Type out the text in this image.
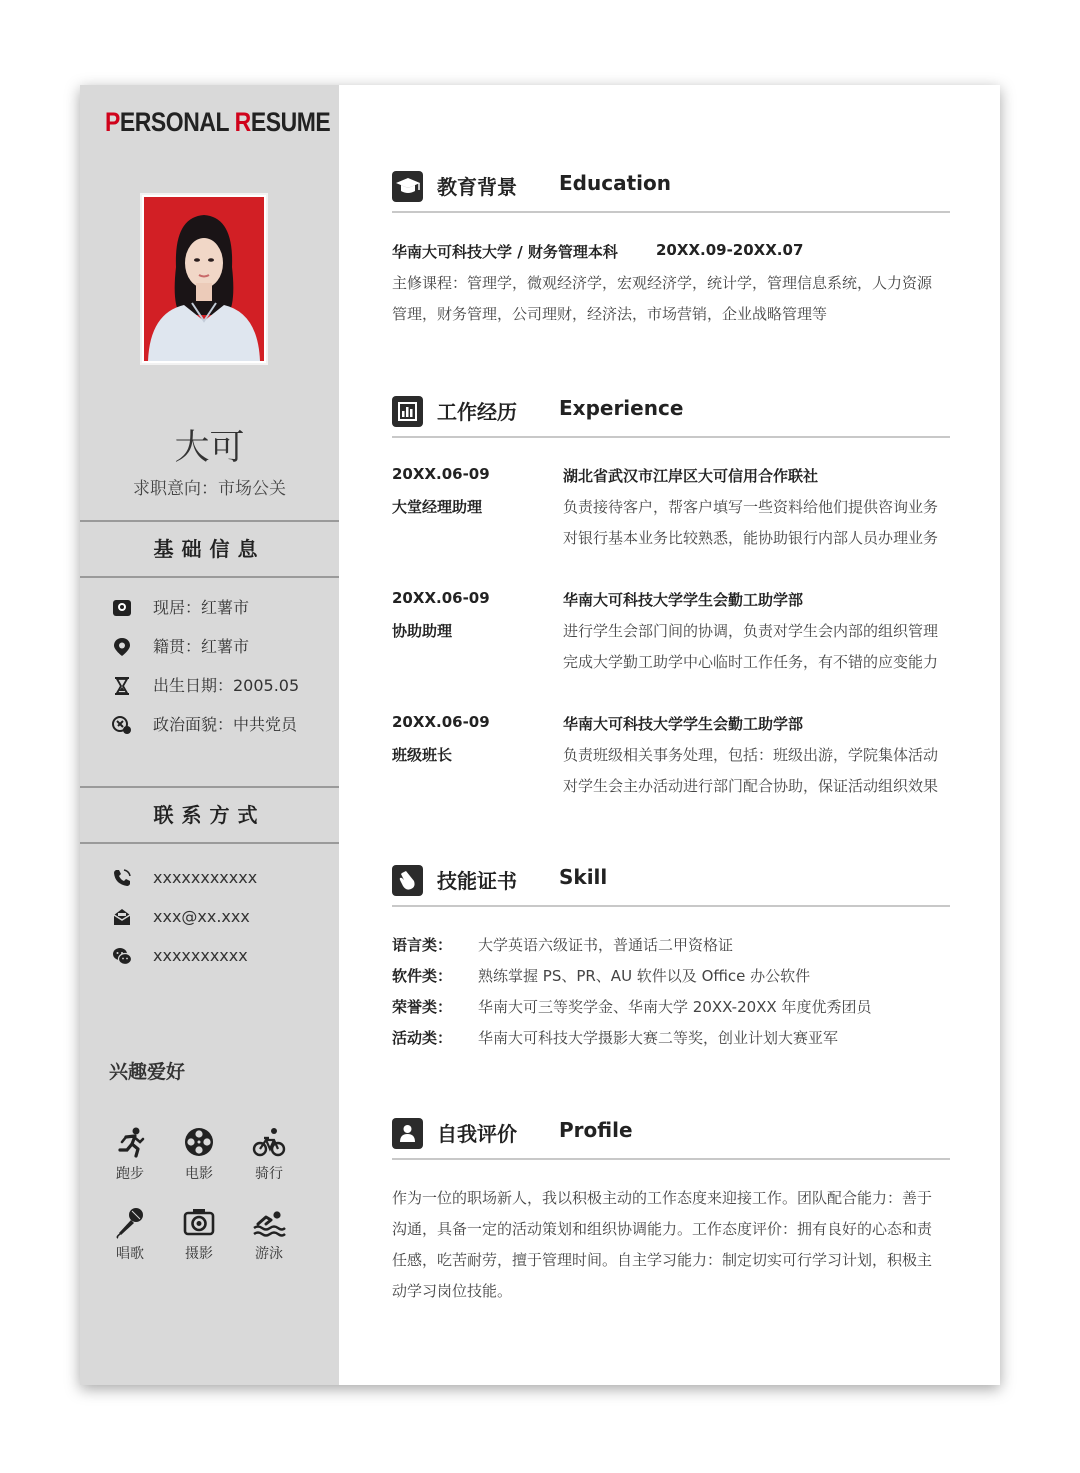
PERSONAL RESUME
大可
求职意向：市场公关
基础信息
现居：红薯市
籍贯：红薯市
出生日期：2005.05
政治面貌：中共党员
联系方式
xxxxxxxxxxx
xxx@xx.xxx
xxxxxxxxxx
兴趣爱好
跑步	电影	骑行
唱歌	摄影	游泳
教育背景 Education
华南大可科技大学 / 财务管理本科	20XX.09-20XX.07
主修课程：管理学，微观经济学，宏观经济学，统计学，管理信息系统，人力资源
管理，财务管理，公司理财，经济法，市场营销，企业战略管理等
工作经历 Experience
20XX.06-09
大堂经理助理
湖北省武汉市江岸区大可信用合作联社
负责接待客户，帮客户填写一些资料给他们提供咨询业务
对银行基本业务比较熟悉，能协助银行内部人员办理业务
20XX.06-09
协助助理
华南大可科技大学学生会勤工助学部
进行学生会部门间的协调，负责对学生会内部的组织管理
完成大学勤工助学中心临时工作任务，有不错的应变能力
20XX.06-09
班级班长
华南大可科技大学学生会勤工助学部
负责班级相关事务处理，包括：班级出游，学院集体活动
对学生会主办活动进行部门配合协助，保证活动组织效果
技能证书 Skill
语言类： 大学英语六级证书，普通话二甲资格证
软件类： 熟练掌握 PS、PR、AU 软件以及 Office 办公软件
荣誉类： 华南大可三等奖学金、华南大学 20XX-20XX 年度优秀团员
活动类： 华南大可科技大学摄影大赛二等奖，创业计划大赛亚军
自我评价 Profile
作为一位的职场新人，我以积极主动的工作态度来迎接工作。团队配合能力：善于
沟通，具备一定的活动策划和组织协调能力。工作态度评价：拥有良好的心态和责
任感，吃苦耐劳，擅于管理时间。自主学习能力：制定切实可行学习计划，积极主
动学习岗位技能。
